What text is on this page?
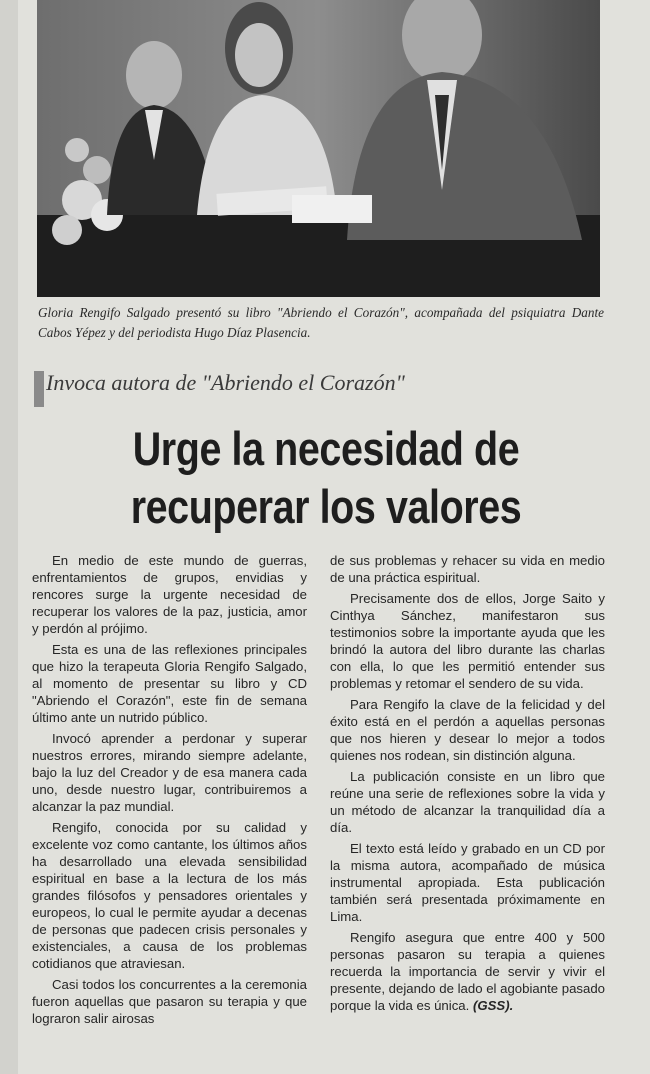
Gloria Rengifo Salgado presentó su libro "Abriendo el Corazón", acompañada del psiquiatra Dante Cabos Yépez y del periodista Hugo Díaz Plasencia.
Invoca autora de "Abriendo el Corazón"
Urge la necesidad de
recuperar los valores

En medio de este mundo de guerras, enfrentamientos de grupos, envidias y rencores surge la urgente necesidad de recuperar los valores de la paz, justicia, amor y perdón al prójimo.

Esta es una de las reflexiones principales que hizo la terapeuta Gloria Rengifo Salgado, al momento de presentar su libro y CD "Abriendo el Corazón", este fin de semana último ante un nutrido público.

Invocó aprender a perdonar y superar nuestros errores, mirando siempre adelante, bajo la luz del Creador y de esa manera cada uno, desde nuestro lugar, contribuiremos a alcanzar la paz mundial.

Rengifo, conocida por su calidad y excelente voz como cantante, los últimos años ha desarrollado una elevada sensibilidad espiritual en base a la lectura de los más grandes filósofos y pensadores orientales y europeos, lo cual le permite ayudar a decenas de personas que padecen crisis personales y existenciales, a causa de los problemas cotidianos que atraviesan.

Casi todos los concurrentes a la ceremonia fueron aquellas que pasaron su terapia y que lograron salir airosas

de sus problemas y rehacer su vida en medio de una práctica espiritual.

Precisamente dos de ellos, Jorge Saito y Cinthya Sánchez, manifestaron sus testimonios sobre la importante ayuda que les brindó la autora del libro durante las charlas con ella, lo que les permitió entender sus problemas y retomar el sendero de su vida.

Para Rengifo la clave de la felicidad y del éxito está en el perdón a aquellas personas que nos hieren y desear lo mejor a todos quienes nos rodean, sin distinción alguna.

La publicación consiste en un libro que reúne una serie de reflexiones sobre la vida y un método de alcanzar la tranquilidad día a día.

El texto está leído y grabado en un CD por la misma autora, acompañado de música instrumental apropiada. Esta publicación también será presentada próximamente en Lima.

Rengifo asegura que entre 400 y 500 personas pasaron su terapia a quienes recuerda la importancia de servir y vivir el presente, dejando de lado el agobiante pasado porque la vida es única. (GSS).
